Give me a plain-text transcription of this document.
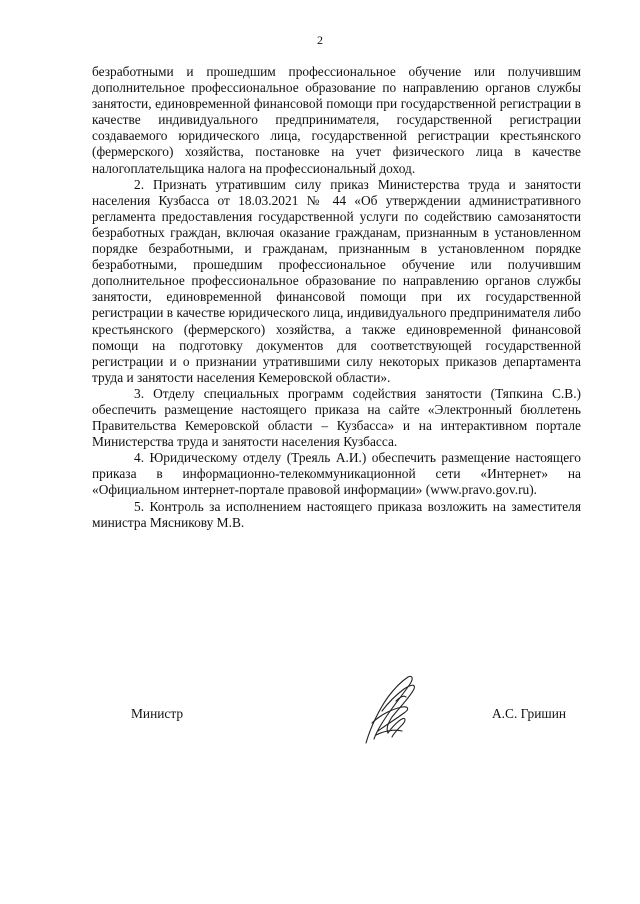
2

безработными и прошедшим профессиональное обучение или получившим дополнительное профессиональное образование по направлению органов службы занятости, единовременной финансовой помощи при государственной регистрации в качестве индивидуального предпринимателя, государственной регистрации создаваемого юридического лица, государственной регистрации крестьянского (фермерского) хозяйства, постановке на учет физического лица в качестве налогоплательщика налога на профессиональный доход.

2. Признать утратившим силу приказ Министерства труда и занятости населения Кузбасса от 18.03.2021 № 44 «Об утверждении административного регламента предоставления государственной услуги по содействию самозанятости безработных граждан, включая оказание гражданам, признанным в установленном порядке безработными, и гражданам, признанным в установленном порядке безработными, прошедшим профессиональное обучение или получившим дополнительное профессиональное образование по направлению органов службы занятости, единовременной финансовой помощи при их государственной регистрации в качестве юридического лица, индивидуального предпринимателя либо крестьянского (фермерского) хозяйства, а также единовременной финансовой помощи на подготовку документов для соответствующей государственной регистрации и о признании утратившими силу некоторых приказов департамента труда и занятости населения Кемеровской области».

3. Отделу специальных программ содействия занятости (Тяпкина С.В.) обеспечить размещение настоящего приказа на сайте «Электронный бюллетень Правительства Кемеровской области – Кузбасса» и на интерактивном портале Министерства труда и занятости населения Кузбасса.

4. Юридическому отделу (Треяль А.И.) обеспечить размещение настоящего приказа в информационно-телекоммуникационной сети «Интернет» на «Официальном интернет-портале правовой информации» (www.pravo.gov.ru).

5. Контроль за исполнением настоящего приказа возложить на заместителя министра Мясникову М.В.

Министр	А.С. Гришин
